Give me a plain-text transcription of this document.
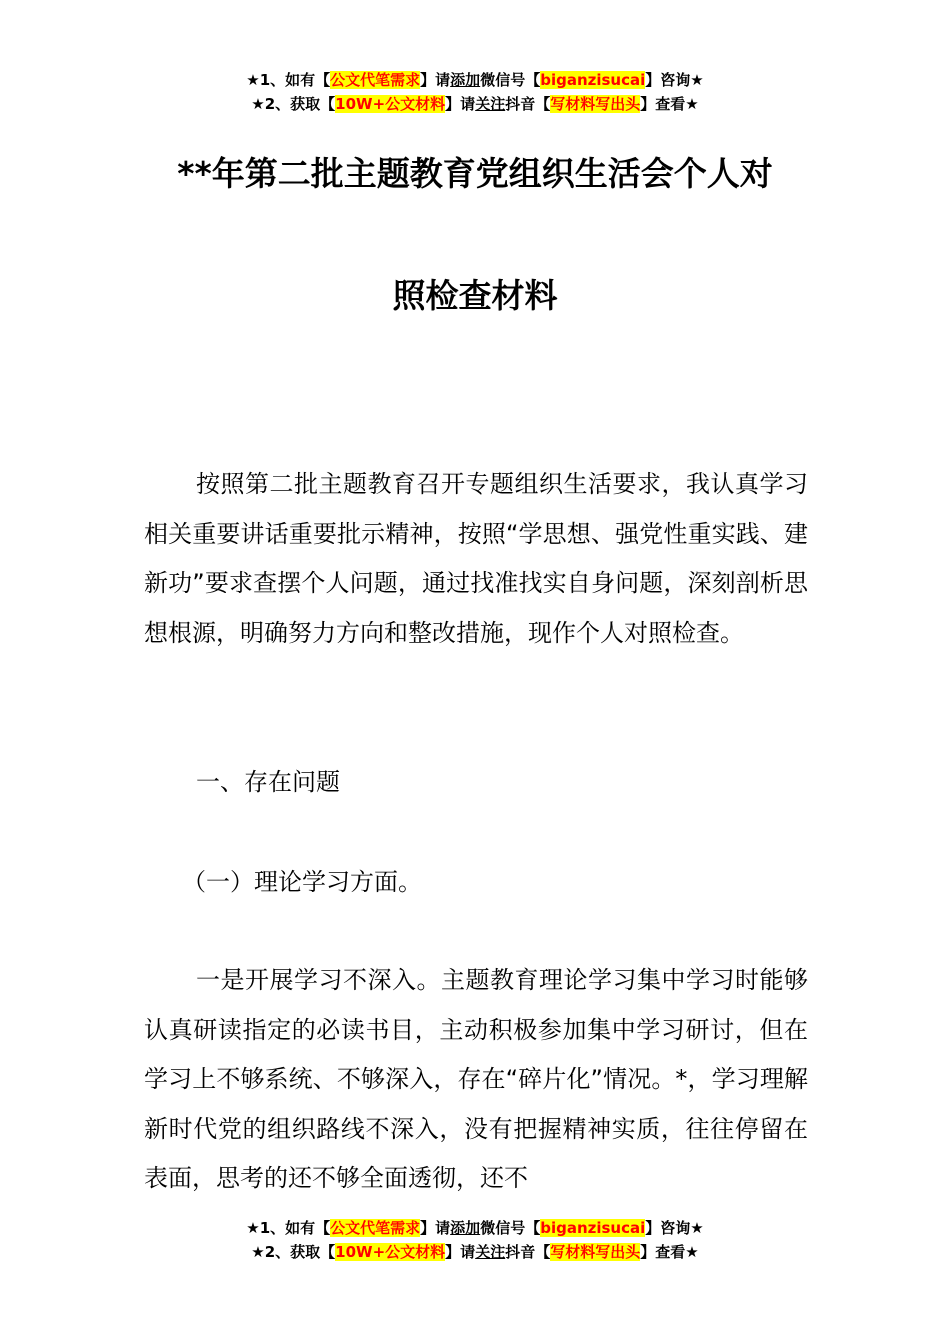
★1、如有【公文代笔需求】请添加微信号【biganzisucai】咨询★
★2、获取【10W+公文材料】请关注抖音【写材料写出头】查看★
**年第二批主题教育党组织生活会个人对
照检查材料

按照第二批主题教育召开专题组织生活要求，我认真学习相关重要讲话重要批示精神，按照“学思想、强党性重实践、建新功”要求查摆个人问题，通过找准找实自身问题，深刻剖析思想根源，明确努力方向和整改措施，现作个人对照检查。

一、存在问题
（一）理论学习方面。

一是开展学习不深入。主题教育理论学习集中学习时能够认真研读指定的必读书目，主动积极参加集中学习研讨，但在学习上不够系统、不够深入，存在“碎片化”情况。*，学习理解新时代党的组织路线不深入，没有把握精神实质，往往停留在表面，思考的还不够全面透彻，还不

★1、如有【公文代笔需求】请添加微信号【biganzisucai】咨询★
★2、获取【10W+公文材料】请关注抖音【写材料写出头】查看★
